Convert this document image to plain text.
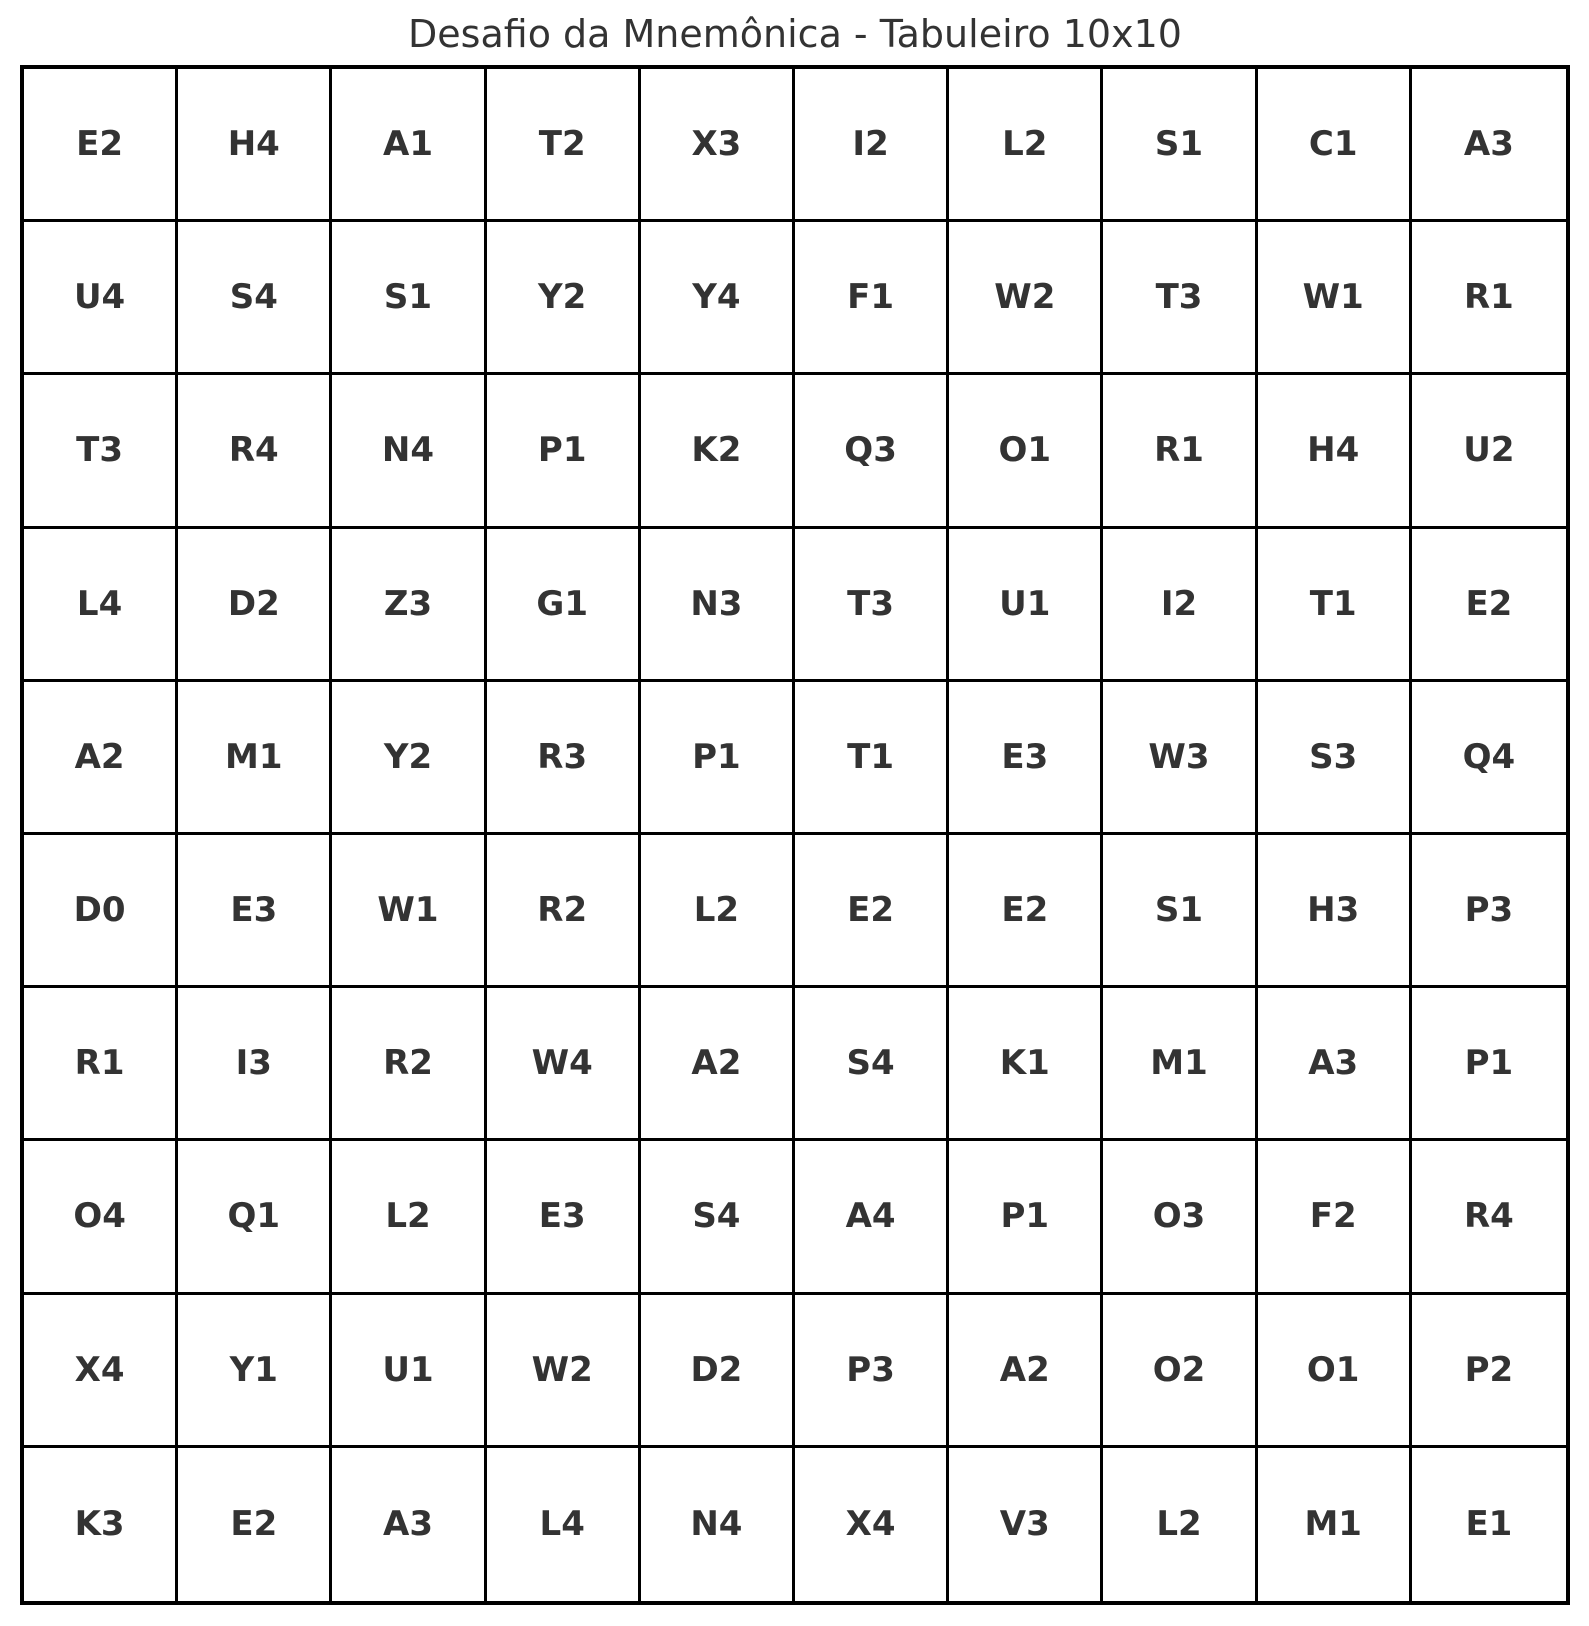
Desafio da Mnemônica - Tabuleiro 10x10
E2	H4	A1	T2	X3	I2	L2	S1	C1	A3
U4	S4	S1	Y2	Y4	F1	W2	T3	W1	R1
T3	R4	N4	P1	K2	Q3	O1	R1	H4	U2
L4	D2	Z3	G1	N3	T3	U1	I2	T1	E2
A2	M1	Y2	R3	P1	T1	E3	W3	S3	Q4
D0	E3	W1	R2	L2	E2	E2	S1	H3	P3
R1	I3	R2	W4	A2	S4	K1	M1	A3	P1
O4	Q1	L2	E3	S4	A4	P1	O3	F2	R4
X4	Y1	U1	W2	D2	P3	A2	O2	O1	P2
K3	E2	A3	L4	N4	X4	V3	L2	M1	E1
